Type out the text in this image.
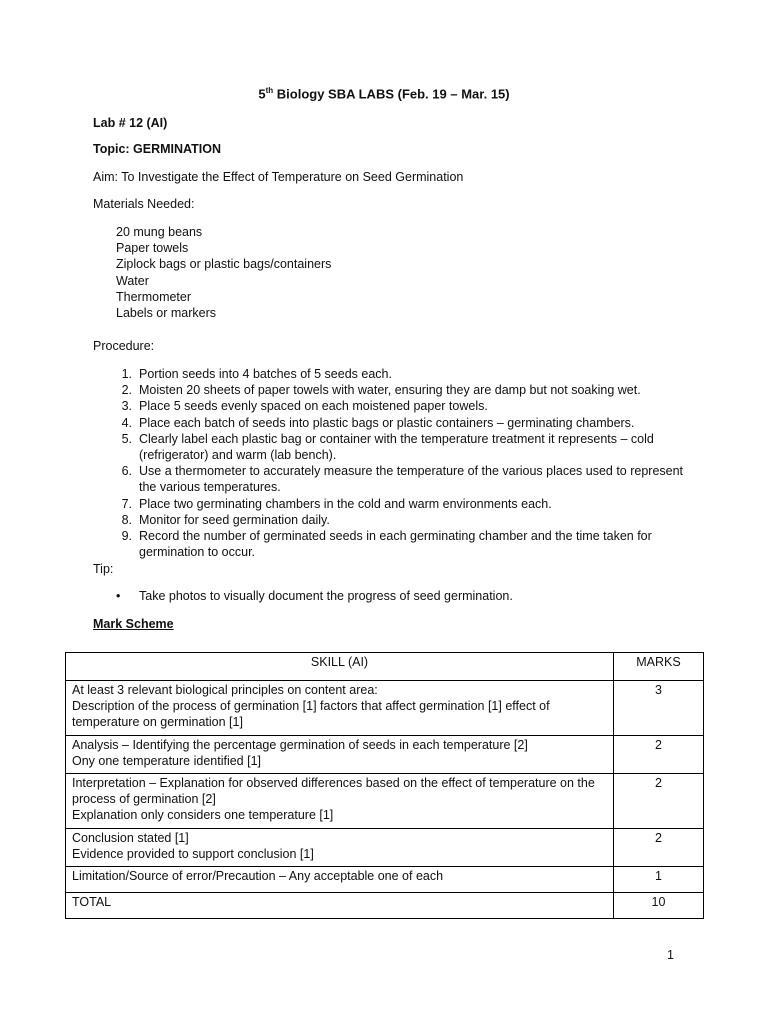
5th Biology SBA LABS (Feb. 19 – Mar. 15)
Lab # 12 (AI)
Topic: GERMINATION
Aim: To Investigate the Effect of Temperature on Seed Germination
Materials Needed:
20 mung beans
Paper towels
Ziplock bags or plastic bags/containers
Water
Thermometer
Labels or markers
Procedure:
1. Portion seeds into 4 batches of 5 seeds each.
2. Moisten 20 sheets of paper towels with water, ensuring they are damp but not soaking wet.
3. Place 5 seeds evenly spaced on each moistened paper towels.
4. Place each batch of seeds into plastic bags or plastic containers – germinating chambers.
5. Clearly label each plastic bag or container with the temperature treatment it represents – cold (refrigerator) and warm (lab bench).
6. Use a thermometer to accurately measure the temperature of the various places used to represent the various temperatures.
7. Place two germinating chambers in the cold and warm environments each.
8. Monitor for seed germination daily.
9. Record the number of germinated seeds in each germinating chamber and the time taken for germination to occur.
Tip:
• Take photos to visually document the progress of seed germination.
Mark Scheme
SKILL (AI)	MARKS

At least 3 relevant biological principles on content area:
Description of the process of germination [1] factors that affect germination [1] effect of temperature on germination [1]	3

Analysis – Identifying the percentage germination of seeds in each temperature [2]
Ony one temperature identified [1]	2

Interpretation – Explanation for observed differences based on the effect of temperature on the process of germination [2]
Explanation only considers one temperature [1]	2

Conclusion stated [1]
Evidence provided to support conclusion [1]	2

Limitation/Source of error/Precaution – Any acceptable one of each	1
TOTAL	10
1
